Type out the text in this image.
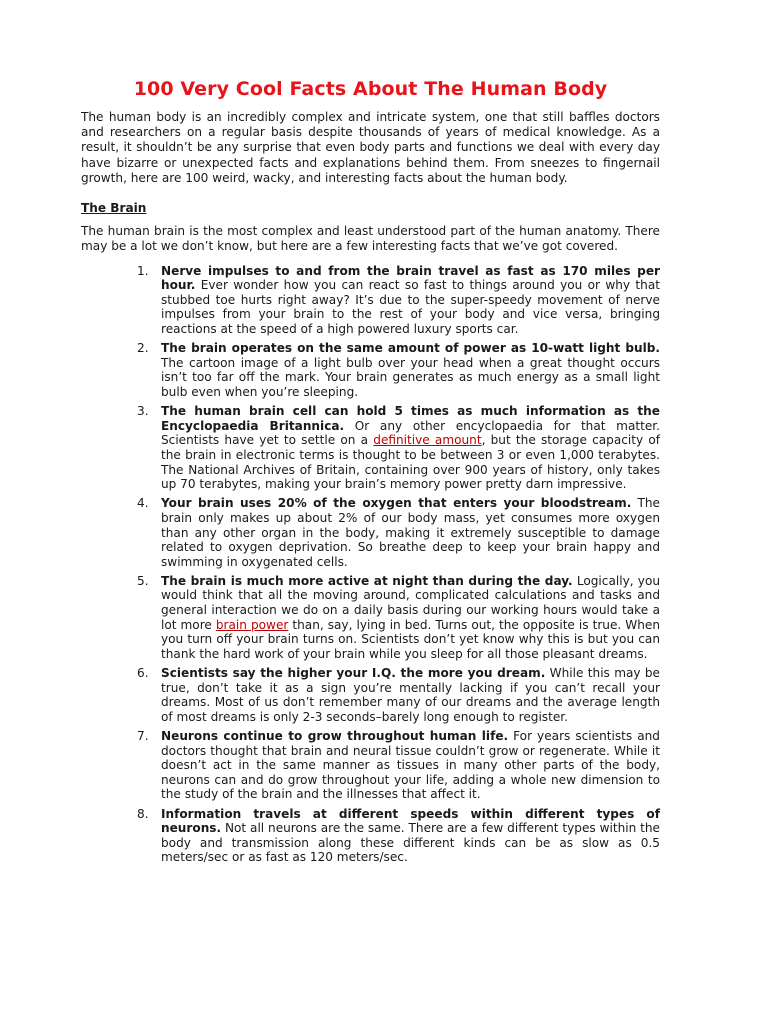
100 Very Cool Facts About The Human Body

The human body is an incredibly complex and intricate system, one that still baffles doctors and researchers on a regular basis despite thousands of years of medical knowledge. As a result, it shouldn’t be any surprise that even body parts and functions we deal with every day have bizarre or unexpected facts and explanations behind them. From sneezes to fingernail growth, here are 100 weird, wacky, and interesting facts about the human body.

The Brain

The human brain is the most complex and least understood part of the human anatomy. There may be a lot we don’t know, but here are a few interesting facts that we’ve got covered.

1.	Nerve impulses to and from the brain travel as fast as 170 miles per hour. Ever wonder how you can react so fast to things around you or why that stubbed toe hurts right away? It’s due to the super-speedy movement of nerve impulses from your brain to the rest of your body and vice versa, bringing reactions at the speed of a high powered luxury sports car.
2.	The brain operates on the same amount of power as 10-watt light bulb. The cartoon image of a light bulb over your head when a great thought occurs isn’t too far off the mark. Your brain generates as much energy as a small light bulb even when you’re sleeping.
3.	The human brain cell can hold 5 times as much information as the Encyclopaedia Britannica. Or any other encyclopaedia for that matter. Scientists have yet to settle on a definitive amount, but the storage capacity of the brain in electronic terms is thought to be between 3 or even 1,000 terabytes. The National Archives of Britain, containing over 900 years of history, only takes up 70 terabytes, making your brain’s memory power pretty darn impressive.
4.	Your brain uses 20% of the oxygen that enters your bloodstream. The brain only makes up about 2% of our body mass, yet consumes more oxygen than any other organ in the body, making it extremely susceptible to damage related to oxygen deprivation. So breathe deep to keep your brain happy and swimming in oxygenated cells.
5.	The brain is much more active at night than during the day. Logically, you would think that all the moving around, complicated calculations and tasks and general interaction we do on a daily basis during our working hours would take a lot more brain power than, say, lying in bed. Turns out, the opposite is true. When you turn off your brain turns on. Scientists don’t yet know why this is but you can thank the hard work of your brain while you sleep for all those pleasant dreams.
6.	Scientists say the higher your I.Q. the more you dream. While this may be true, don’t take it as a sign you’re mentally lacking if you can’t recall your dreams. Most of us don’t remember many of our dreams and the average length of most dreams is only 2-3 seconds–barely long enough to register.
7.	Neurons continue to grow throughout human life. For years scientists and doctors thought that brain and neural tissue couldn’t grow or regenerate. While it doesn’t act in the same manner as tissues in many other parts of the body, neurons can and do grow throughout your life, adding a whole new dimension to the study of the brain and the illnesses that affect it.
8.	Information travels at different speeds within different types of neurons. Not all neurons are the same. There are a few different types within the body and transmission along these different kinds can be as slow as 0.5 meters/sec or as fast as 120 meters/sec.
